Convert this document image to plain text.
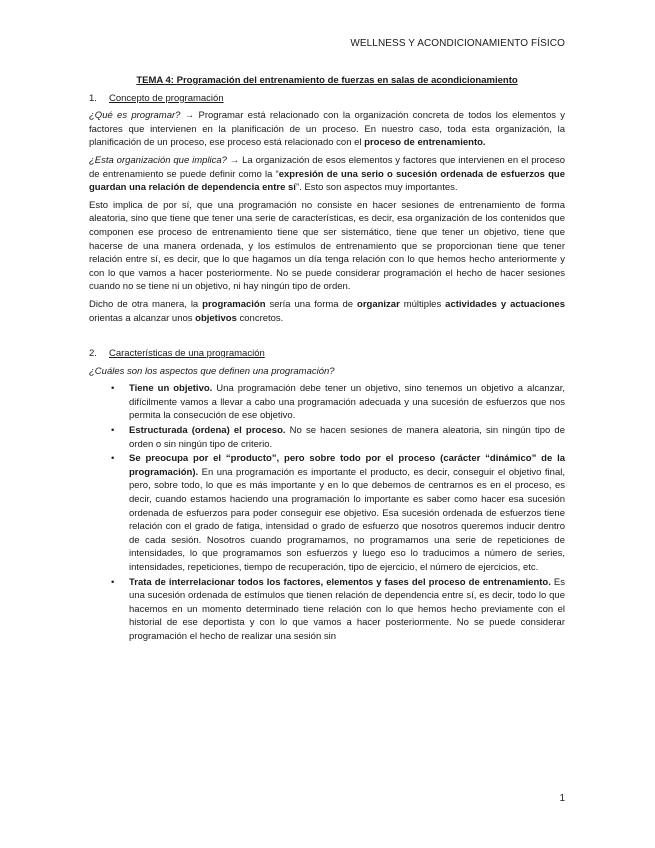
WELLNESS Y ACONDICIONAMIENTO FÍSICO
TEMA 4: Programación del entrenamiento de fuerzas en salas de acondicionamiento
1. Concepto de programación

¿Qué es programar? → Programar está relacionado con la organización concreta de todos los elementos y factores que intervienen en la planificación de un proceso. En nuestro caso, toda esta organización, la planificación de un proceso, ese proceso está relacionado con el proceso de entrenamiento.

¿Esta organización que implica? → La organización de esos elementos y factores que intervienen en el proceso de entrenamiento se puede definir como la “expresión de una serio o sucesión ordenada de esfuerzos que guardan una relación de dependencia entre sí”. Esto son aspectos muy importantes.

Esto implica de por sí, que una programación no consiste en hacer sesiones de entrenamiento de forma aleatoria, sino que tiene que tener una serie de características, es decir, esa organización de los contenidos que componen ese proceso de entrenamiento tiene que ser sistemático, tiene que tener un objetivo, tiene que hacerse de una manera ordenada, y los estímulos de entrenamiento que se proporcionan tiene que tener relación entre sí, es decir, que lo que hagamos un día tenga relación con lo que hemos hecho anteriormente y con lo que vamos a hacer posteriormente. No se puede considerar programación el hecho de hacer sesiones cuando no se tiene ni un objetivo, ni hay ningún tipo de orden.

Dicho de otra manera, la programación sería una forma de organizar múltiples actividades y actuaciones orientas a alcanzar unos objetivos concretos.

2. Características de una programación

¿Cuáles son los aspectos que definen una programación?

• Tiene un objetivo. Una programación debe tener un objetivo, sino tenemos un objetivo a alcanzar, difícilmente vamos a llevar a cabo una programación adecuada y una sucesión de esfuerzos que nos permita la consecución de ese objetivo.
• Estructurada (ordena) el proceso. No se hacen sesiones de manera aleatoria, sin ningún tipo de orden o sin ningún tipo de criterio.
• Se preocupa por el “producto”, pero sobre todo por el proceso (carácter “dinámico” de la programación). En una programación es importante el producto, es decir, conseguir el objetivo final, pero, sobre todo, lo que es más importante y en lo que debemos de centrarnos es en el proceso, es decir, cuando estamos haciendo una programación lo importante es saber como hacer esa sucesión ordenada de esfuerzos para poder conseguir ese objetivo. Esa sucesión ordenada de esfuerzos tiene relación con el grado de fatiga, intensidad o grado de esfuerzo que nosotros queremos inducir dentro de cada sesión. Nosotros cuando programamos, no programamos una serie de repeticiones de intensidades, lo que programamos son esfuerzos y luego eso lo traducimos a número de series, intensidades, repeticiones, tiempo de recuperación, tipo de ejercicio, el número de ejercicios, etc.
• Trata de interrelacionar todos los factores, elementos y fases del proceso de entrenamiento. Es una sucesión ordenada de estímulos que tienen relación de dependencia entre sí, es decir, todo lo que hacemos en un momento determinado tiene relación con lo que hemos hecho previamente con el historial de ese deportista y con lo que vamos a hacer posteriormente. No se puede considerar programación el hecho de realizar una sesión sin
1
